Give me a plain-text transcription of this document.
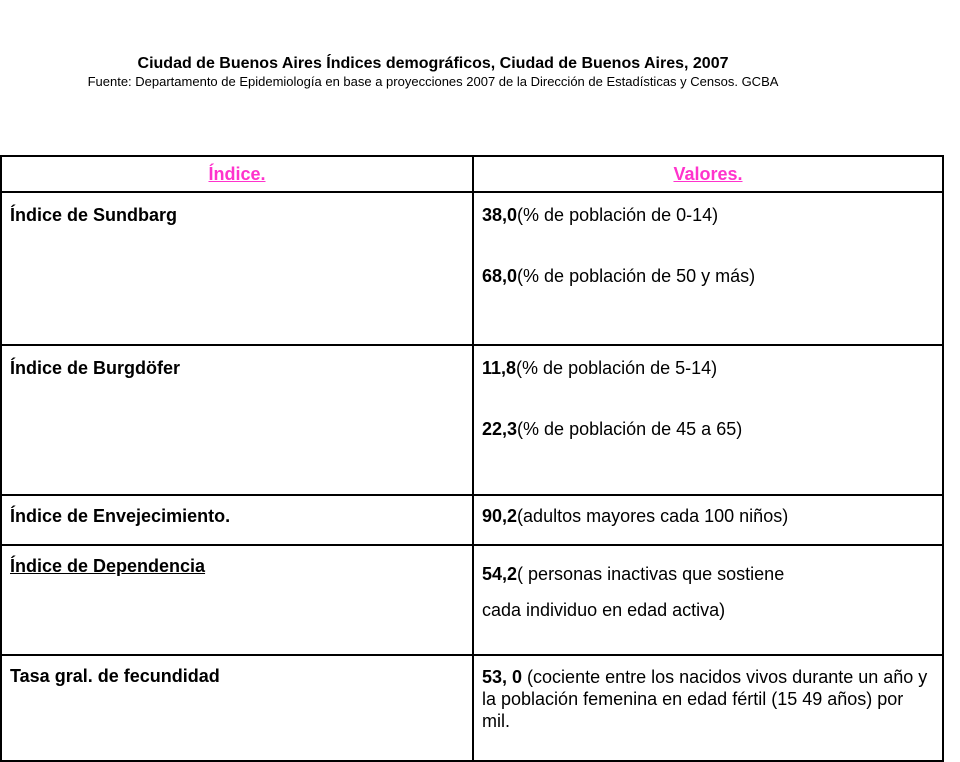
Ciudad de Buenos Aires Índices demográficos, Ciudad de Buenos Aires, 2007
Fuente: Departamento de Epidemiología en base a proyecciones 2007 de la Dirección de Estadísticas y Censos. GCBA
Índice.	Valores.
Índice de Sundbarg	38,0(% de población de 0-14)
68,0(% de población de 50 y más)

Índice de Burgdöfer	11,8(% de población de 5-14)
22,3(% de población de 45 a 65)

Índice de Envejecimiento.	90,2(adultos mayores cada 100 niños)

Índice de Dependencia	54,2( personas inactivas que sostiene
cada individuo en edad activa)

Tasa gral. de fecundidad	53, 0 (cociente entre los nacidos vivos durante un año y la población femenina en edad fértil (15 49 años) por mil.
